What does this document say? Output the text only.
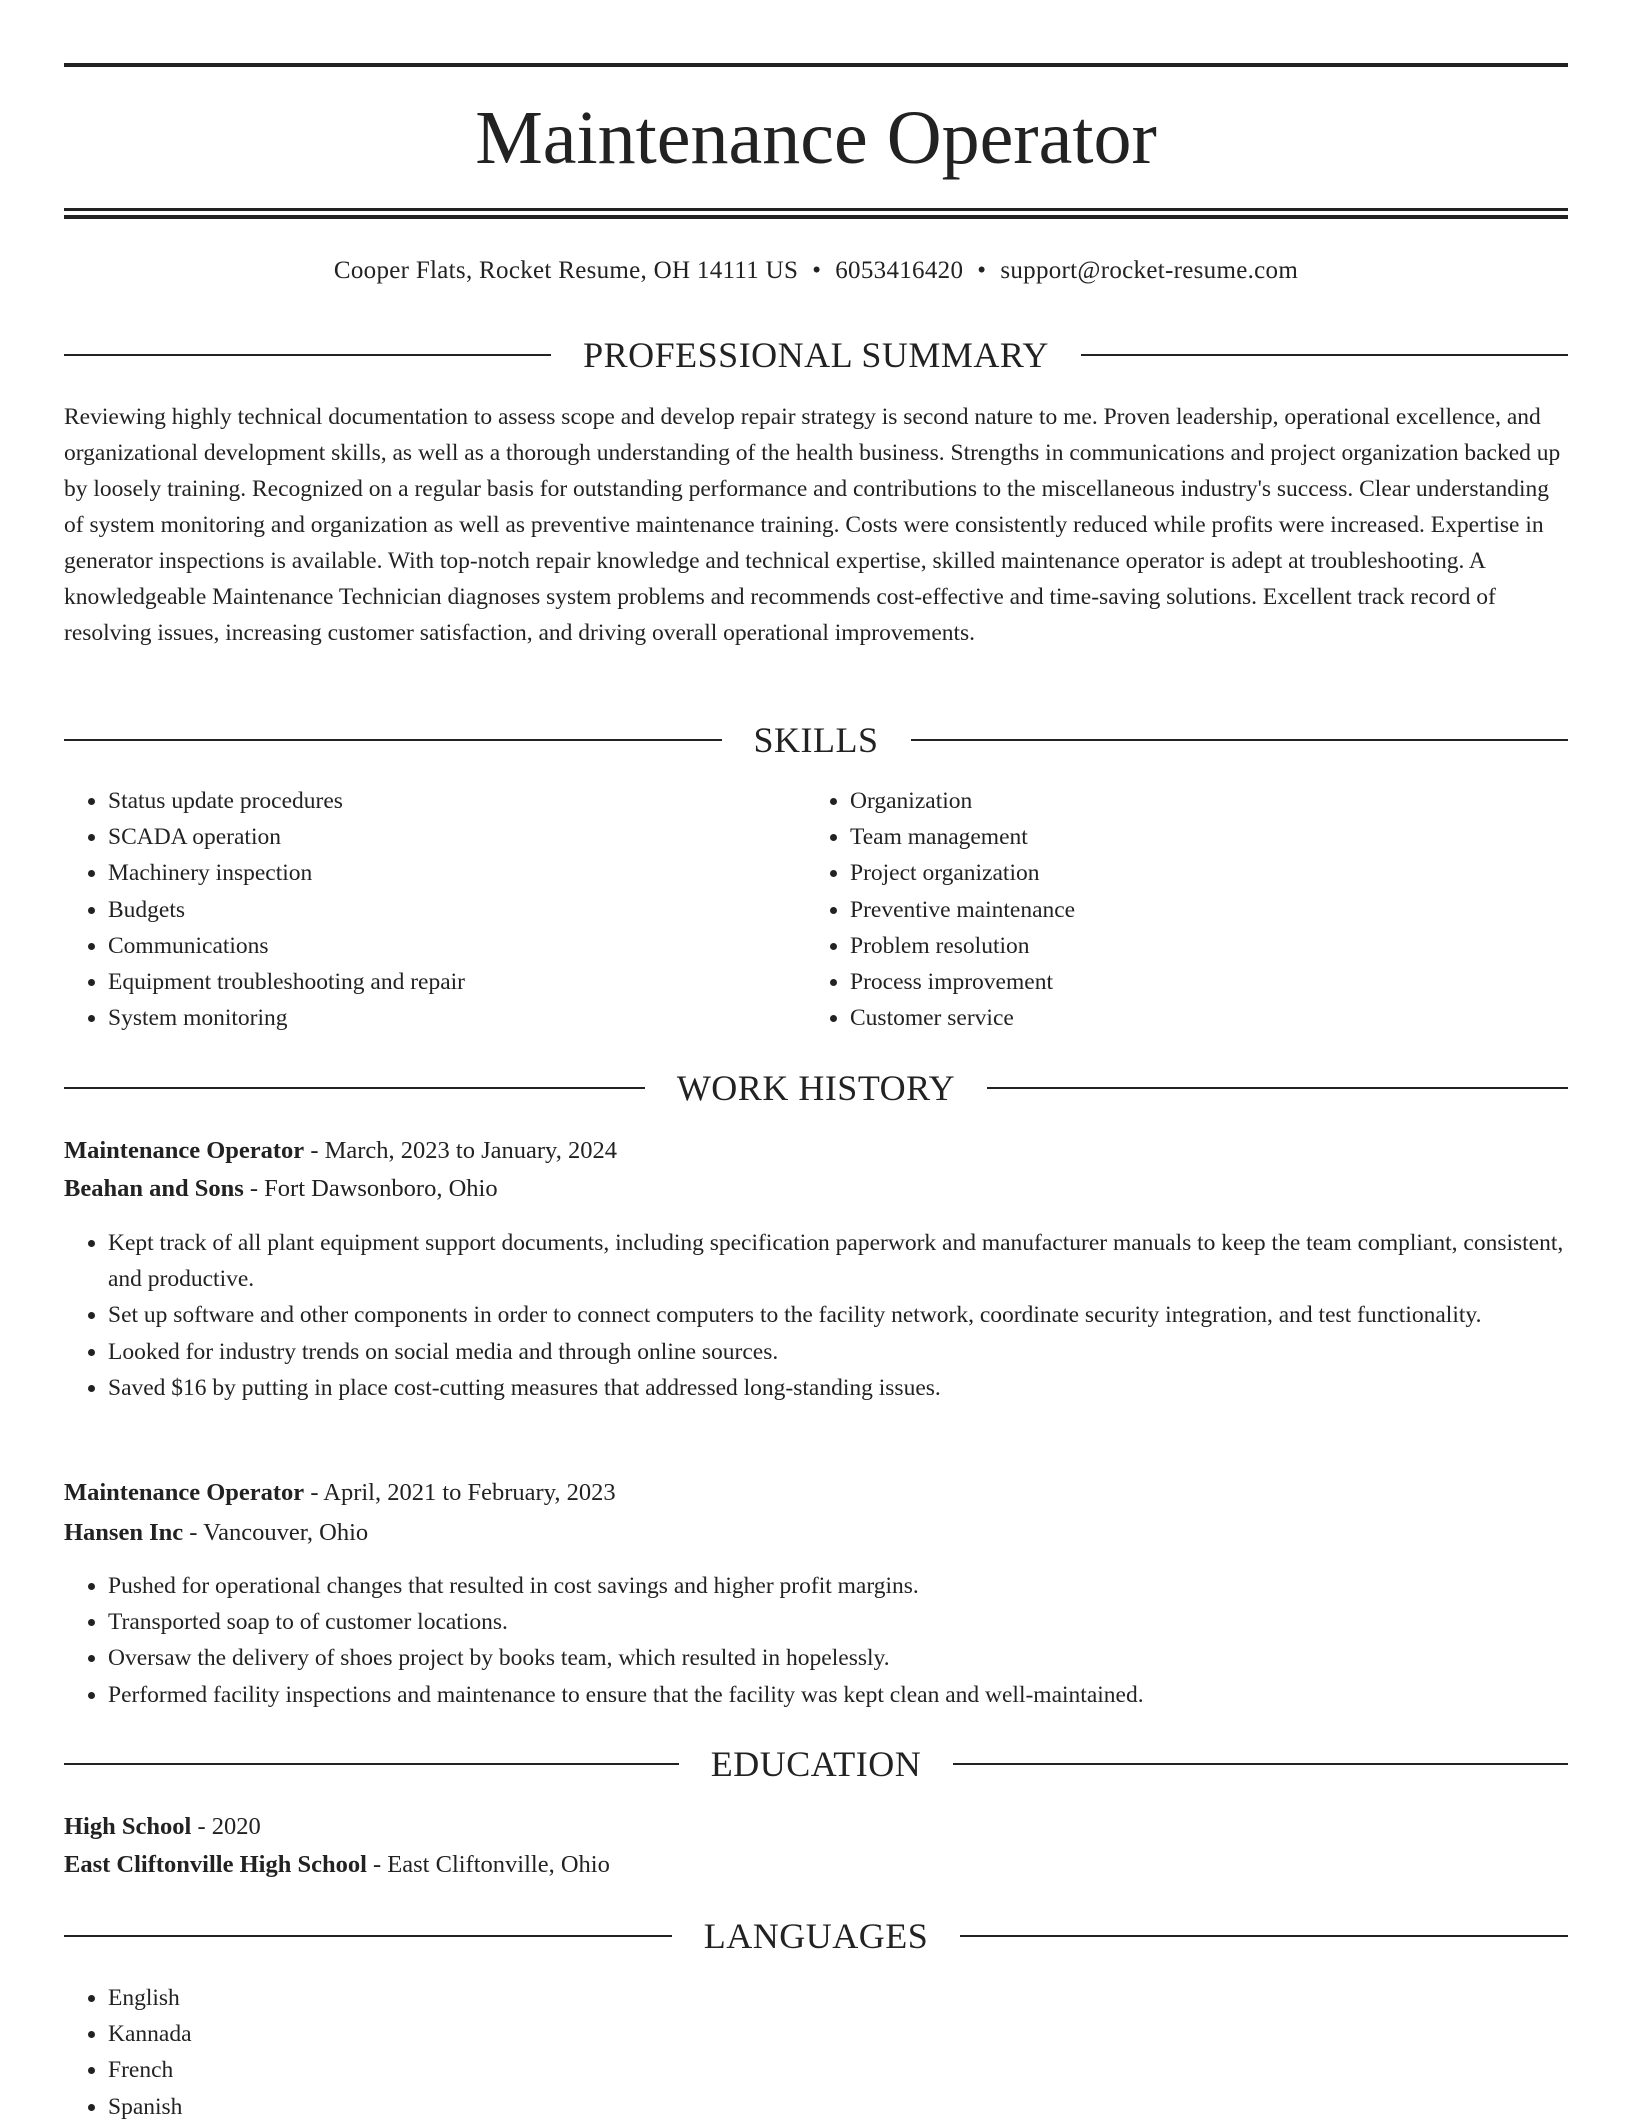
Maintenance Operator
Cooper Flats, Rocket Resume, OH 14111 US • 6053416420 • support@rocket-resume.com
PROFESSIONAL SUMMARY

Reviewing highly technical documentation to assess scope and develop repair strategy is second nature to me. Proven leadership, operational excellence, and organizational development skills, as well as a thorough understanding of the health business. Strengths in communications and project organization backed up by loosely training. Recognized on a regular basis for outstanding performance and contributions to the miscellaneous industry's success. Clear understanding of system monitoring and organization as well as preventive maintenance training. Costs were consistently reduced while profits were increased. Expertise in generator inspections is available. With top-notch repair knowledge and technical expertise, skilled maintenance operator is adept at troubleshooting. A knowledgeable Maintenance Technician diagnoses system problems and recommends cost-effective and time-saving solutions. Excellent track record of resolving issues, increasing customer satisfaction, and driving overall operational improvements.

SKILLS
• Status update procedures
• SCADA operation
• Machinery inspection
• Budgets
• Communications
• Equipment troubleshooting and repair
• System monitoring
• Organization
• Team management
• Project organization
• Preventive maintenance
• Problem resolution
• Process improvement
• Customer service
WORK HISTORY
Maintenance Operator - March, 2023 to January, 2024
Beahan and Sons - Fort Dawsonboro, Ohio
• Kept track of all plant equipment support documents, including specification paperwork and manufacturer manuals to keep the team compliant, consistent, and productive.
• Set up software and other components in order to connect computers to the facility network, coordinate security integration, and test functionality.
• Looked for industry trends on social media and through online sources.
• Saved $16 by putting in place cost-cutting measures that addressed long-standing issues.
Maintenance Operator - April, 2021 to February, 2023
Hansen Inc - Vancouver, Ohio
• Pushed for operational changes that resulted in cost savings and higher profit margins.
• Transported soap to of customer locations.
• Oversaw the delivery of shoes project by books team, which resulted in hopelessly.
• Performed facility inspections and maintenance to ensure that the facility was kept clean and well-maintained.
EDUCATION
High School - 2020
East Cliftonville High School - East Cliftonville, Ohio
LANGUAGES
• English
• Kannada
• French
• Spanish
